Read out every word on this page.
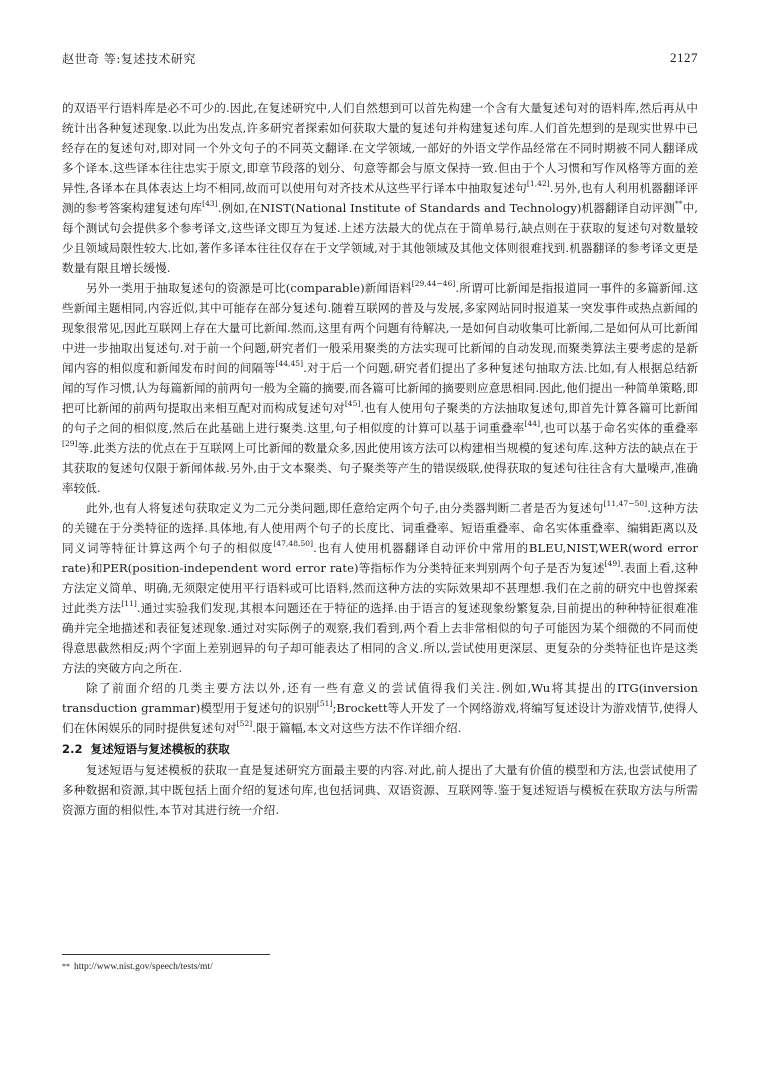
赵世奇 等:复述技术研究	2127

的双语平行语料库是必不可少的.因此,在复述研究中,人们自然想到可以首先构建一个含有大量复述句对的语料库,然后再从中统计出各种复述现象.以此为出发点,许多研究者探索如何获取大量的复述句并构建复述句库.人们首先想到的是现实世界中已经存在的复述句对,即对同一个外文句子的不同英文翻译.在文学领域,一部好的外语文学作品经常在不同时期被不同人翻译成多个译本.这些译本往往忠实于原文,即章节段落的划分、句意等都会与原文保持一致.但由于个人习惯和写作风格等方面的差异性,各译本在具体表达上均不相同,故而可以使用句对齐技术从这些平行译本中抽取复述句[1,42].另外,也有人利用机器翻译评测的参考答案构建复述句库[43].例如,在NIST(National Institute of Standards and Technology)机器翻译自动评测**中,每个测试句会提供多个参考译文,这些译文即互为复述.上述方法最大的优点在于简单易行,缺点则在于获取的复述句对数量较少且领域局限性较大.比如,著作多译本往往仅存在于文学领域,对于其他领域及其他文体则很难找到.机器翻译的参考译文更是数量有限且增长缓慢.

另外一类用于抽取复述句的资源是可比(comparable)新闻语料[29,44−46].所谓可比新闻是指报道同一事件的多篇新闻.这些新闻主题相同,内容近似,其中可能存在部分复述句.随着互联网的普及与发展,多家网站同时报道某一突发事件或热点新闻的现象很常见,因此互联网上存在大量可比新闻.然而,这里有两个问题有待解决,一是如何自动收集可比新闻,二是如何从可比新闻中进一步抽取出复述句.对于前一个问题,研究者们一般采用聚类的方法实现可比新闻的自动发现,而聚类算法主要考虑的是新闻内容的相似度和新闻发布时间的间隔等[44,45].对于后一个问题,研究者们提出了多种复述句抽取方法.比如,有人根据总结新闻的写作习惯,认为每篇新闻的前两句一般为全篇的摘要,而各篇可比新闻的摘要则应意思相同.因此,他们提出一种简单策略,即把可比新闻的前两句提取出来相互配对而构成复述句对[45].也有人使用句子聚类的方法抽取复述句,即首先计算各篇可比新闻的句子之间的相似度,然后在此基础上进行聚类.这里,句子相似度的计算可以基于词重叠率[44],也可以基于命名实体的重叠率[29]等.此类方法的优点在于互联网上可比新闻的数量众多,因此使用该方法可以构建相当规模的复述句库.这种方法的缺点在于其获取的复述句仅限于新闻体裁.另外,由于文本聚类、句子聚类等产生的错误级联,使得获取的复述句往往含有大量噪声,准确率较低.

此外,也有人将复述句获取定义为二元分类问题,即任意给定两个句子,由分类器判断二者是否为复述句[11,47−50].这种方法的关键在于分类特征的选择.具体地,有人使用两个句子的长度比、词重叠率、短语重叠率、命名实体重叠率、编辑距离以及同义词等特征计算这两个句子的相似度[47,48,50].也有人使用机器翻译自动评价中常用的BLEU,NIST,WER(word error rate)和PER(position-independent word error rate)等指标作为分类特征来判别两个句子是否为复述[49].表面上看,这种方法定义简单、明确,无须限定使用平行语料或可比语料,然而这种方法的实际效果却不甚理想.我们在之前的研究中也曾探索过此类方法[11].通过实验我们发现,其根本问题还在于特征的选择.由于语言的复述现象纷繁复杂,目前提出的种种特征很难准确并完全地描述和表征复述现象.通过对实际例子的观察,我们看到,两个看上去非常相似的句子可能因为某个细微的不同而使得意思截然相反;两个字面上差别迥异的句子却可能表达了相同的含义.所以,尝试使用更深层、更复杂的分类特征也许是这类方法的突破方向之所在.

除了前面介绍的几类主要方法以外,还有一些有意义的尝试值得我们关注.例如,Wu将其提出的ITG(inversion transduction grammar)模型用于复述句的识别[51];Brockett等人开发了一个网络游戏,将编写复述设计为游戏情节,使得人们在休闲娱乐的同时提供复述句对[52].限于篇幅,本文对这些方法不作详细介绍.

2.2 复述短语与复述模板的获取

复述短语与复述模板的获取一直是复述研究方面最主要的内容.对此,前人提出了大量有价值的模型和方法,也尝试使用了多种数据和资源,其中既包括上面介绍的复述句库,也包括词典、双语资源、互联网等.鉴于复述短语与模板在获取方法与所需资源方面的相似性,本节对其进行统一介绍.

** http://www.nist.gov/speech/tests/mt/
